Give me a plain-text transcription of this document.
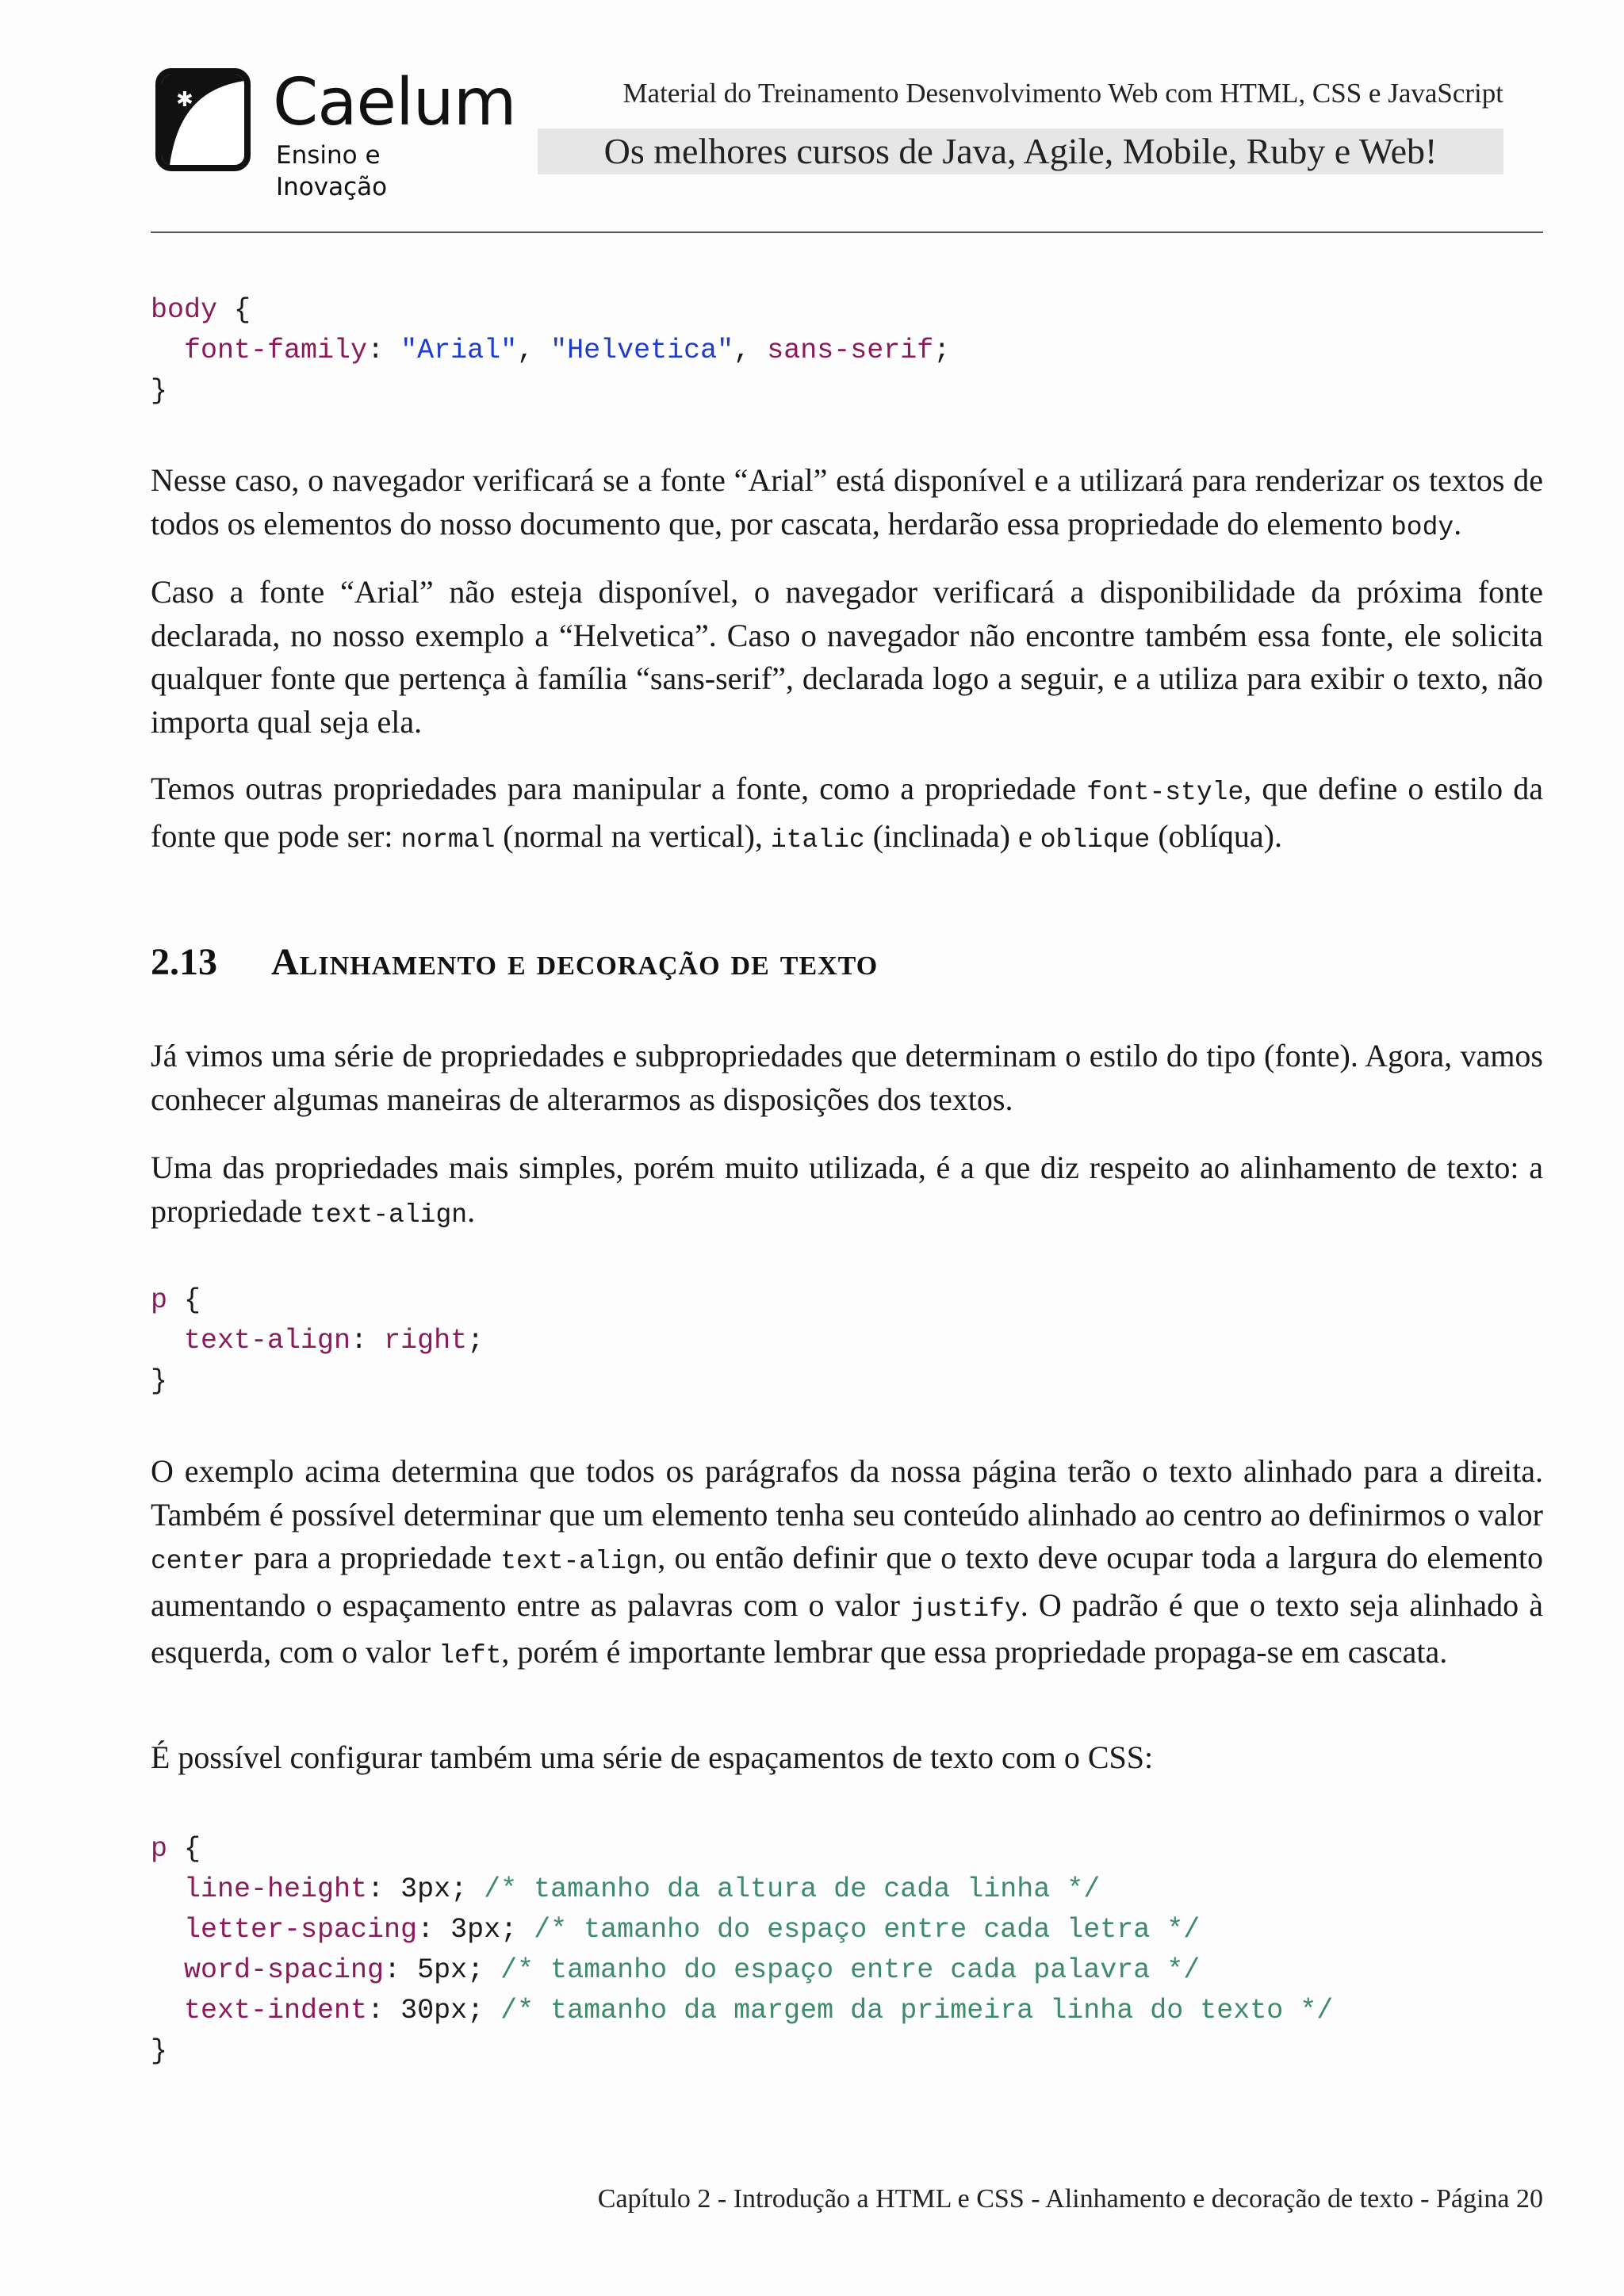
✱ Caelum
Ensino e Inovação
Material do Treinamento Desenvolvimento Web com HTML, CSS e JavaScript
Os melhores cursos de Java, Agile, Mobile, Ruby e Web!
body {
font-family: "Arial", "Helvetica", sans-serif;
}

Nesse caso, o navegador verificará se a fonte “Arial” está disponível e a utilizará para renderizar os textos de todos os elementos do nosso documento que, por cascata, herdarão essa propriedade do elemento body.

Caso a fonte “Arial” não esteja disponível, o navegador verificará a disponibilidade da próxima fonte declarada, no nosso exemplo a “Helvetica”. Caso o navegador não encontre também essa fonte, ele solicita qualquer fonte que pertença à família “sans-serif”, declarada logo a seguir, e a utiliza para exibir o texto, não importa qual seja ela.

Temos outras propriedades para manipular a fonte, como a propriedade font-style, que define o estilo da fonte que pode ser: normal (normal na vertical), italic (inclinada) e oblique (oblíqua).

2.13 Alinhamento e decoração de texto

Já vimos uma série de propriedades e subpropriedades que determinam o estilo do tipo (fonte). Agora, vamos conhecer algumas maneiras de alterarmos as disposições dos textos.

Uma das propriedades mais simples, porém muito utilizada, é a que diz respeito ao alinhamento de texto: a propriedade text-align.

p {
text-align: right;
}

O exemplo acima determina que todos os parágrafos da nossa página terão o texto alinhado para a direita. Também é possível determinar que um elemento tenha seu conteúdo alinhado ao centro ao definirmos o valor center para a propriedade text-align, ou então definir que o texto deve ocupar toda a largura do elemento aumentando o espaçamento entre as palavras com o valor justify. O padrão é que o texto seja alinhado à esquerda, com o valor left, porém é importante lembrar que essa propriedade propaga-se em cascata.

É possível configurar também uma série de espaçamentos de texto com o CSS:

p {
line-height: 3px; /* tamanho da altura de cada linha */
letter-spacing: 3px; /* tamanho do espaço entre cada letra */
word-spacing: 5px; /* tamanho do espaço entre cada palavra */
text-indent: 30px; /* tamanho da margem da primeira linha do texto */
}
Capítulo 2 - Introdução a HTML e CSS - Alinhamento e decoração de texto - Página 20
